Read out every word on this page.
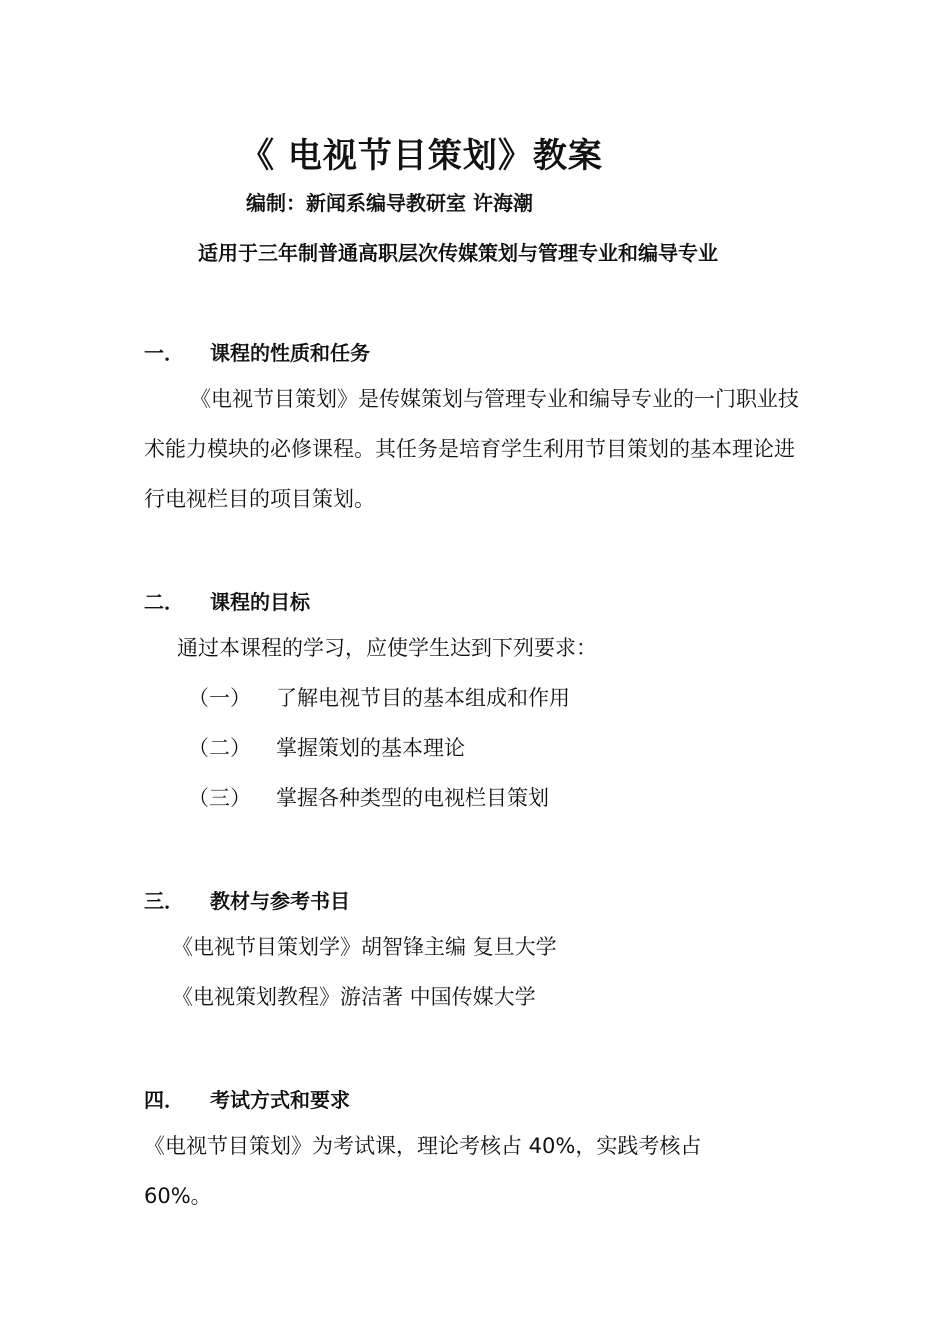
《 电视节目策划》教案
编制：新闻系编导教研室 许海潮
适用于三年制普通高职层次传媒策划与管理专业和编导专业
一． 课程的性质和任务
《电视节目策划》是传媒策划与管理专业和编导专业的一门职业技术能力模块的必修课程。其任务是培育学生利用节目策划的基本理论进行电视栏目的项目策划。
二． 课程的目标
通过本课程的学习，应使学生达到下列要求：
（一） 了解电视节目的基本组成和作用
（二） 掌握策划的基本理论
（三） 掌握各种类型的电视栏目策划
三． 教材与参考书目
《电视节目策划学》胡智锋主编 复旦大学
《电视策划教程》游洁著 中国传媒大学
四． 考试方式和要求
《电视节目策划》为考试课，理论考核占 40%，实践考核占
60%。
